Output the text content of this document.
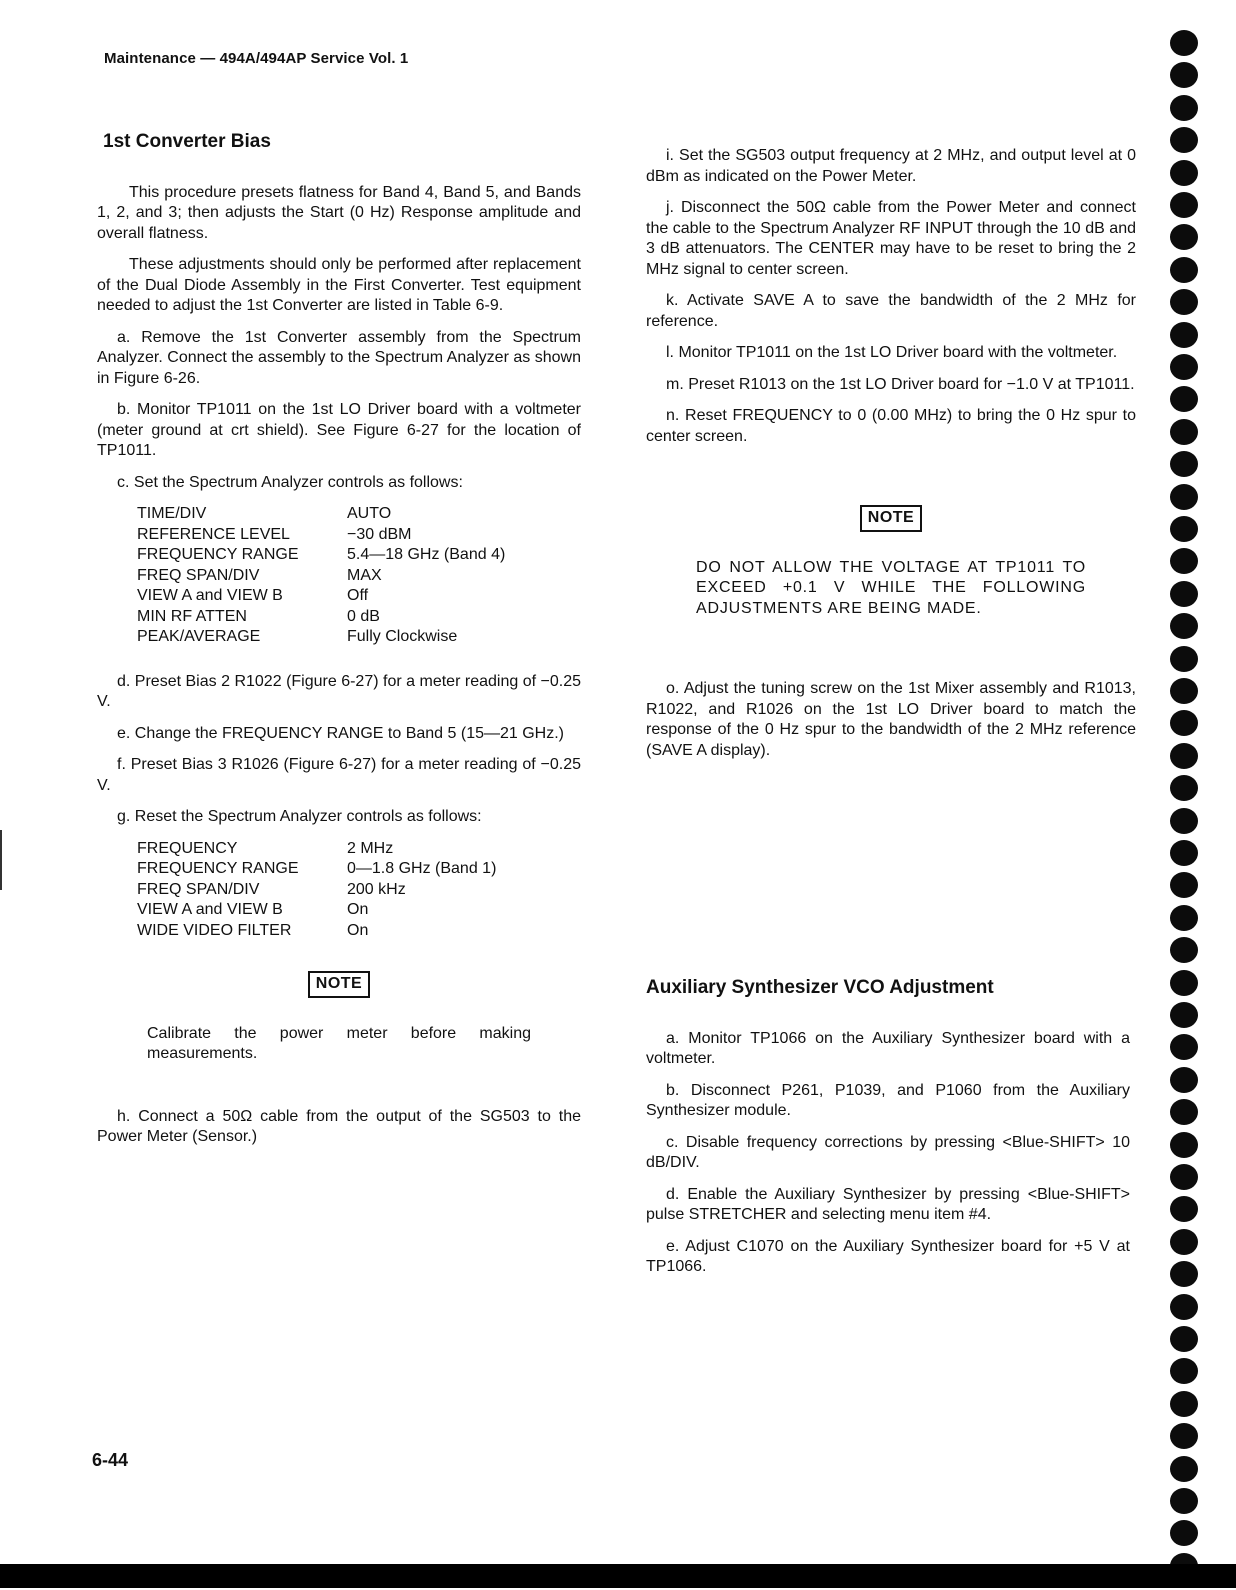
Maintenance — 494A/494AP Service Vol. 1
1st Converter Bias

This procedure presets flatness for Band 4, Band 5, and Bands 1, 2, and 3; then adjusts the Start (0 Hz) Response amplitude and overall flatness.

These adjustments should only be performed after replacement of the Dual Diode Assembly in the First Converter. Test equipment needed to adjust the 1st Converter are listed in Table 6-9.

a. Remove the 1st Converter assembly from the Spectrum Analyzer. Connect the assembly to the Spectrum Analyzer as shown in Figure 6-26.

b. Monitor TP1011 on the 1st LO Driver board with a voltmeter (meter ground at crt shield). See Figure 6-27 for the location of TP1011.

c. Set the Spectrum Analyzer controls as follows:

TIME/DIV	AUTO
REFERENCE LEVEL	−30 dBM
FREQUENCY RANGE	5.4—18 GHz (Band 4)
FREQ SPAN/DIV	MAX
VIEW A and VIEW B	Off
MIN RF ATTEN	0 dB
PEAK/AVERAGE	Fully Clockwise

d. Preset Bias 2 R1022 (Figure 6-27) for a meter reading of −0.25 V.

e. Change the FREQUENCY RANGE to Band 5 (15—21 GHz.)

f. Preset Bias 3 R1026 (Figure 6-27) for a meter reading of −0.25 V.

g. Reset the Spectrum Analyzer controls as follows:

FREQUENCY	2 MHz
FREQUENCY RANGE	0—1.8 GHz (Band 1)
FREQ SPAN/DIV	200 kHz
VIEW A and VIEW B	On
WIDE VIDEO FILTER	On
NOTE

Calibrate the power meter before making measurements.

h. Connect a 50Ω cable from the output of the SG503 to the Power Meter (Sensor.)

i. Set the SG503 output frequency at 2 MHz, and output level at 0 dBm as indicated on the Power Meter.

j. Disconnect the 50Ω cable from the Power Meter and connect the cable to the Spectrum Analyzer RF INPUT through the 10 dB and 3 dB attenuators. The CENTER may have to be reset to bring the 2 MHz signal to center screen.

k. Activate SAVE A to save the bandwidth of the 2 MHz for reference.

l. Monitor TP1011 on the 1st LO Driver board with the voltmeter.

m. Preset R1013 on the 1st LO Driver board for −1.0 V at TP1011.

n. Reset FREQUENCY to 0 (0.00 MHz) to bring the 0 Hz spur to center screen.

NOTE

DO NOT ALLOW THE VOLTAGE AT TP1011 TO EXCEED +0.1 V WHILE THE FOLLOWING ADJUSTMENTS ARE BEING MADE.

o. Adjust the tuning screw on the 1st Mixer assembly and R1013, R1022, and R1026 on the 1st LO Driver board to match the response of the 0 Hz spur to the bandwidth of the 2 MHz reference (SAVE A display).

Auxiliary Synthesizer VCO Adjustment

a. Monitor TP1066 on the Auxiliary Synthesizer board with a voltmeter.

b. Disconnect P261, P1039, and P1060 from the Auxiliary Synthesizer module.

c. Disable frequency corrections by pressing <Blue-SHIFT> 10 dB/DIV.

d. Enable the Auxiliary Synthesizer by pressing <Blue-SHIFT> pulse STRETCHER and selecting menu item #4.

e. Adjust C1070 on the Auxiliary Synthesizer board for +5 V at TP1066.

6-44
